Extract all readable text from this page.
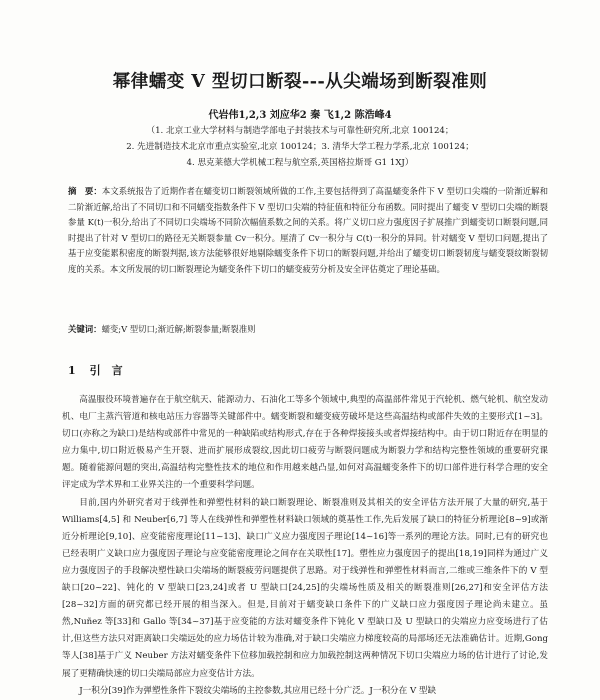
幂律蠕变 V 型切口断裂---从尖端场到断裂准则
代岩伟1,2,3 刘应华2 秦 飞1,2 陈浩峰4
（1. 北京工业大学材料与制造学部电子封装技术与可靠性研究所,北京 100124；
2. 先进制造技术北京市重点实验室,北京 100124；3. 清华大学工程力学系,北京 100124；
4. 思克莱德大学机械工程与航空系,英国格拉斯哥 G1 1XJ）
摘　要：本文系统报告了近期作者在蠕变切口断裂领域所做的工作,主要包括得到了高温蠕变条件下 V 型切口尖端的一阶渐近解和二阶渐近解,给出了不同切口和不同蠕变指数条件下 V 型切口尖端的特征值和特征分布函数。同时提出了蠕变 V 型切口尖端的断裂参量 K(t)一积分,给出了不同切口尖端场不同阶次幅值系数之间的关系。将广义切口应力强度因子扩展推广到蠕变切口断裂问题,同时提出了针对 V 型切口的路径无关断裂参量 Cv一积分。厘清了 Cv一积分与 C(t)一积分的异同。针对蠕变 V 型切口问题,提出了基于应变能累积密度的断裂判据,该方法能够很好地剔除蠕变条件下切口的断裂问题,并给出了蠕变切口断裂韧度与蠕变裂纹断裂韧度的关系。本文所发展的切口断裂理论为蠕变条件下切口的蠕变疲劳分析及安全评估奠定了理论基础。
关键词：蠕变;V 型切口;渐近解;断裂参量;断裂准则
1 引　言

高温服役环境普遍存在于航空航天、能源动力、石油化工等多个领域中,典型的高温部件常见于汽轮机、燃气轮机、航空发动机、电厂主蒸汽管道和核电站压力容器等关键部件中。蠕变断裂和蠕变疲劳破坏是这些高温结构或部件失效的主要形式[1~3]。切口(亦称之为缺口)是结构或部件中常见的一种缺陷或结构形式,存在于各种焊接接头或者焊接结构中。由于切口附近存在明显的应力集中,切口附近极易产生开裂、进而扩展形成裂纹,因此切口疲劳与断裂问题成为断裂力学和结构完整性领域的重要研究课题。随着能源问题的突出,高温结构完整性技术的地位和作用越来越凸显,如何对高温蠕变条件下的切口部件进行科学合理的安全评定成为学术界和工业界关注的一个重要科学问题。

目前,国内外研究者对于线弹性和弹塑性材料的缺口断裂理论、断裂准则及其相关的安全评估方法开展了大量的研究,基于 Williams[4,5] 和 Neuber[6,7] 等人在线弹性和弹塑性材料缺口领域的奠基性工作,先后发展了缺口的特征分析理论[8~9]或渐近分析理论[9,10]、应变能密度理论[11~13]、缺口广义应力强度因子理论[14~16]等一系列的理论方法。同时,已有的研究也已经表明广义缺口应力强度因子理论与应变能密度理论之间存在关联性[17]。塑性应力强度因子的提出[18,19]同样为通过广义应力强度因子的手段解决塑性缺口尖端场的断裂疲劳问题提供了思路。对于线弹性和弹塑性材料而言,二维或三维条件下的 V 型缺口[20~22]、钝化的 V 型缺口[23,24]或者 U 型缺口[24,25]的尖端场性质及相关的断裂准则[26,27]和安全评估方法[28~32]方面的研究都已经开展的相当深入。但是,目前对于蠕变缺口条件下的广义缺口应力强度因子理论尚未建立。虽然,Nuñez 等[33]和 Gallo 等[34~37]基于应变能的方法对蠕变条件下钝化 V 型缺口及 U 型缺口的尖端应力应变场进行了估计,但这些方法只对距离缺口尖端远处的应力场估计较为准确,对于缺口尖端应力梯度较高的局部场还无法准确估计。近期,Gong 等人[38]基于广义 Neuber 方法对蠕变条件下位移加载控制和应力加载控制这两种情况下切口尖端应力场的估计进行了讨论,发展了更精确快速的切口尖端局部应力应变估计方法。

J一积分[39]作为弹塑性条件下裂纹尖端场的主控参数,其应用已经十分广泛。J一积分在 V 型缺
